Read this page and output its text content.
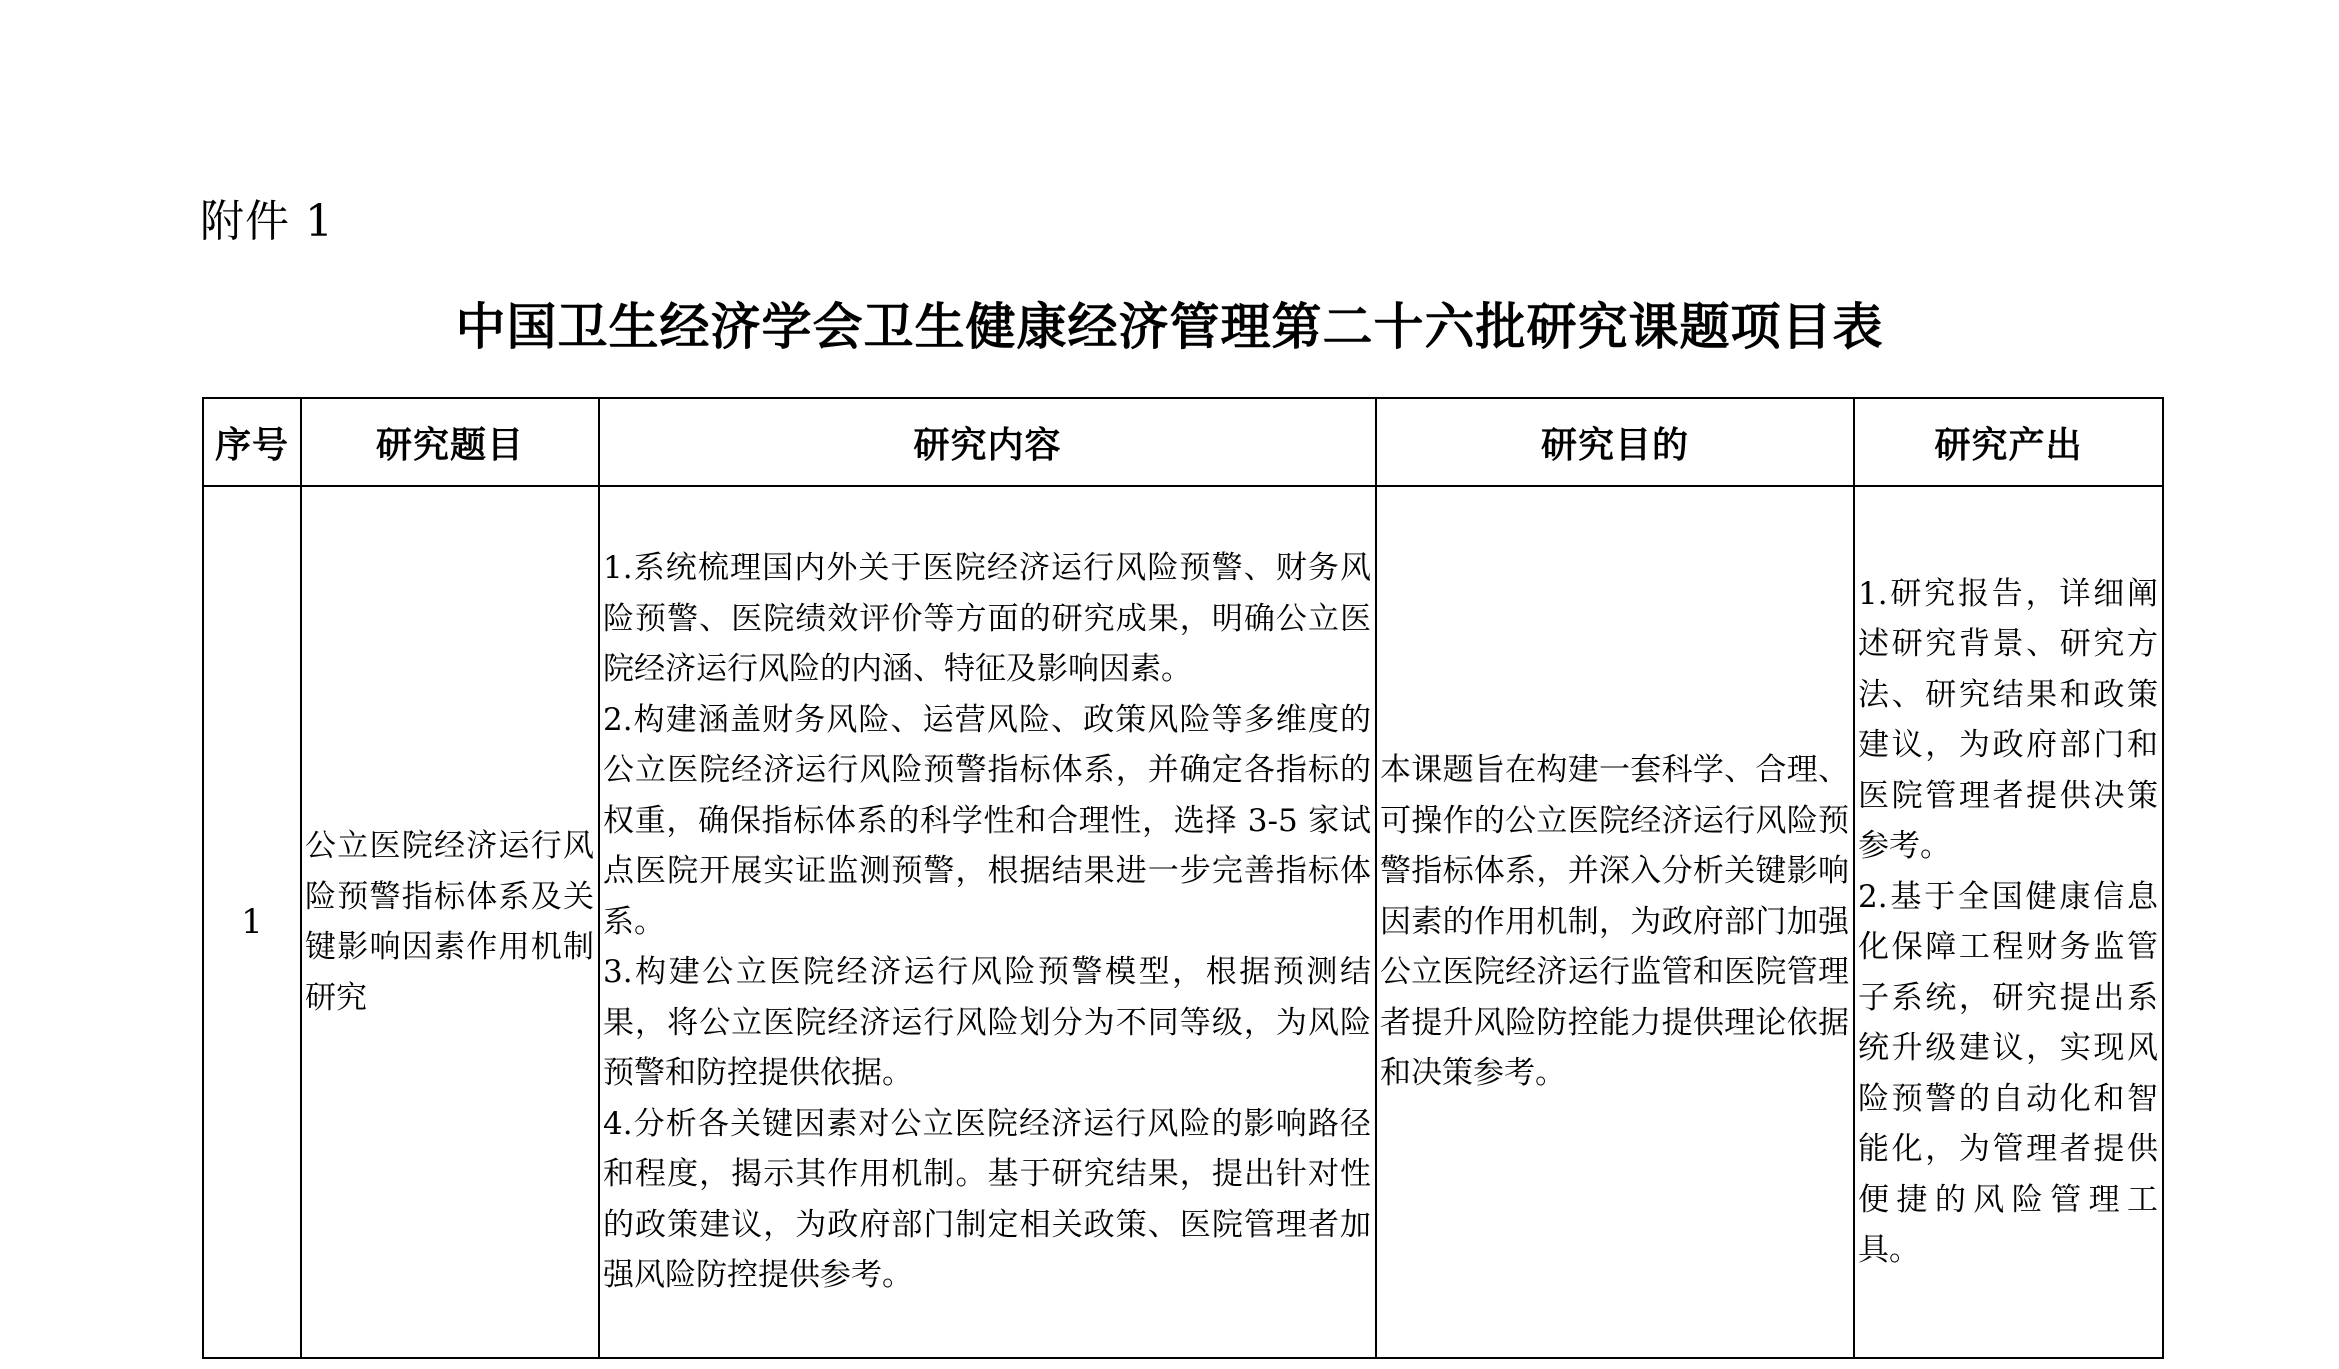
附件 1
中国卫生经济学会卫生健康经济管理第二十六批研究课题项目表
序号	研究题目	研究内容	研究目的	研究产出
1	公立医院经济运行风险预警指标体系及关键影响因素作用机制研究	1.系统梳理国内外关于医院经济运行风险预警、财务风险预警、医院绩效评价等方面的研究成果，明确公立医院经济运行风险的内涵、特征及影响因素。
2.构建涵盖财务风险、运营风险、政策风险等多维度的公立医院经济运行风险预警指标体系，并确定各指标的权重，确保指标体系的科学性和合理性，选择 3-5 家试点医院开展实证监测预警，根据结果进一步完善指标体系。
3.构建公立医院经济运行风险预警模型，根据预测结果，将公立医院经济运行风险划分为不同等级，为风险预警和防控提供依据。
4.分析各关键因素对公立医院经济运行风险的影响路径和程度，揭示其作用机制。基于研究结果，提出针对性的政策建议，为政府部门制定相关政策、医院管理者加强风险防控提供参考。	本课题旨在构建一套科学、合理、可操作的公立医院经济运行风险预警指标体系，并深入分析关键影响因素的作用机制，为政府部门加强公立医院经济运行监管和医院管理者提升风险防控能力提供理论依据和决策参考。	1.研究报告，详细阐述研究背景、研究方法、研究结果和政策建议，为政府部门和医院管理者提供决策参考。
2.基于全国健康信息化保障工程财务监管子系统，研究提出系统升级建议，实现风险预警的自动化和智能化，为管理者提供便捷的风险管理工具。
